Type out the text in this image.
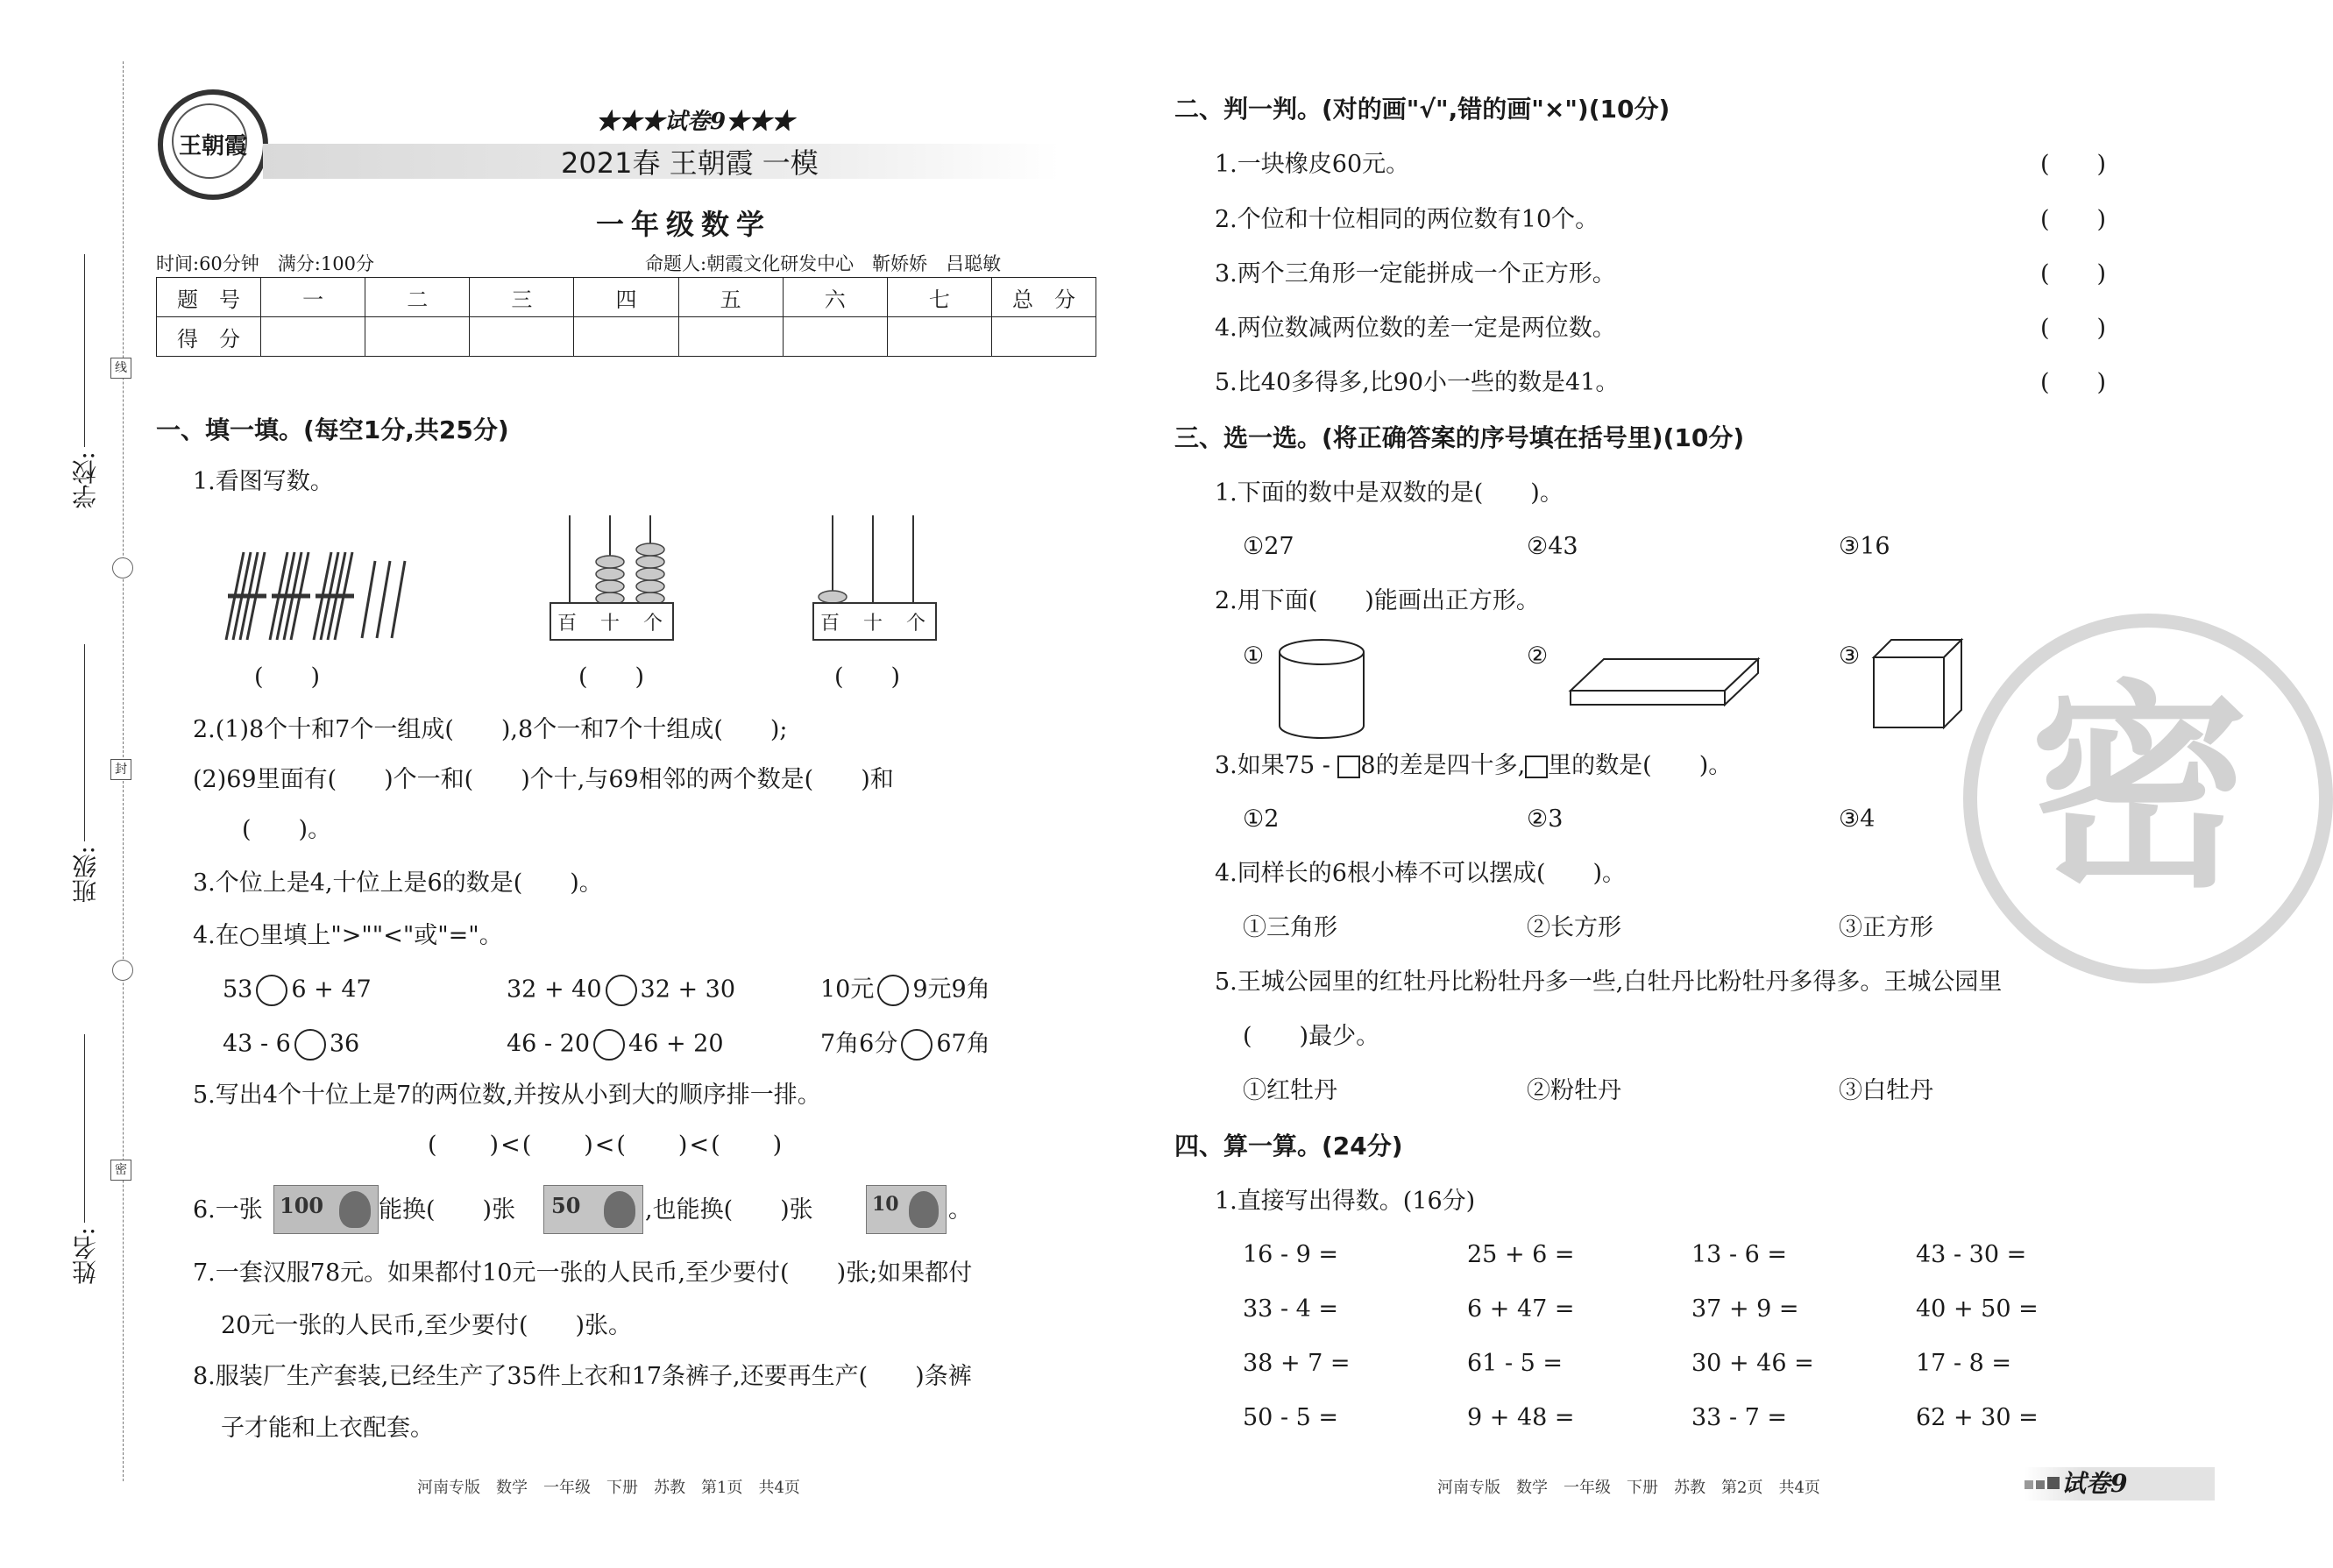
线
封
密
学校:
班级:
姓名:
王朝霞
★★★试卷9★★★
2021春 王朝霞 一模
一年级数学
时间:60分钟　满分:100分	命题人:朝霞文化研发中心　靳娇娇　吕聪敏
题　号	一	二	三	四	五	六	七	总　分
得　分								
一、填一填。(每空1分,共25分)
1.看图写数。
(　　)
百 十 个
(　　)
百 十 个
(　　)
2.(1)8个十和7个一组成(　　),8个一和7个十组成(　　);
(2)69里面有(　　)个一和(　　)个十,与69相邻的两个数是(　　)和
(　　)。
3.个位上是4,十位上是6的数是(　　)。
4.在○里填上">""<"或"="。
53 6 + 47	32 + 40 32 + 30	10元 9元9角
43 - 6 36	46 - 20 46 + 20	7角6分 67角
5.写出4个十位上是7的两位数,并按从小到大的顺序排一排。
(　　)<(　　)<(　　)<(　　)
6.一张 100 能换(　　)张 50	,也能换(　　)张	10 。
7.一套汉服78元。如果都付10元一张的人民币,至少要付(　　)张;如果都付
20元一张的人民币,至少要付(　　)张。
8.服装厂生产套装,已经生产了35件上衣和17条裤子,还要再生产(　　)条裤
子才能和上衣配套。
河南专版　数学　一年级　下册　苏教　第1页　共4页
密
二、判一判。(对的画"√",错的画"×")(10分)
1.一块橡皮60元。	(　　)
2.个位和十位相同的两位数有10个。	(　　)
3.两个三角形一定能拼成一个正方形。	(　　)
4.两位数减两位数的差一定是两位数。	(　　)
5.比40多得多,比90小一些的数是41。	(　　)
三、选一选。(将正确答案的序号填在括号里)(10分)
1.下面的数中是双数的是(　　)。
①27	②43	③16
2.用下面(　　)能画出正方形。
①	②	③
3.如果75 - 8的差是四十多, 里的数是(　　)。
①2	②3	③4
4.同样长的6根小棒不可以摆成(　　)。
①三角形	②长方形	③正方形
5.王城公园里的红牡丹比粉牡丹多一些,白牡丹比粉牡丹多得多。王城公园里
(　　)最少。
①红牡丹	②粉牡丹	③白牡丹
四、算一算。(24分)
1.直接写出得数。(16分)
16 - 9 =	25 + 6 =	13 - 6 =	43 - 30 =
33 - 4 =	6 + 47 =	37 + 9 =	40 + 50 =
38 + 7 =	61 - 5 =	30 + 46 =	17 - 8 =
50 - 5 =	9 + 48 =	33 - 7 =	62 + 30 =
河南专版　数学　一年级　下册　苏教　第2页　共4页	试卷9
